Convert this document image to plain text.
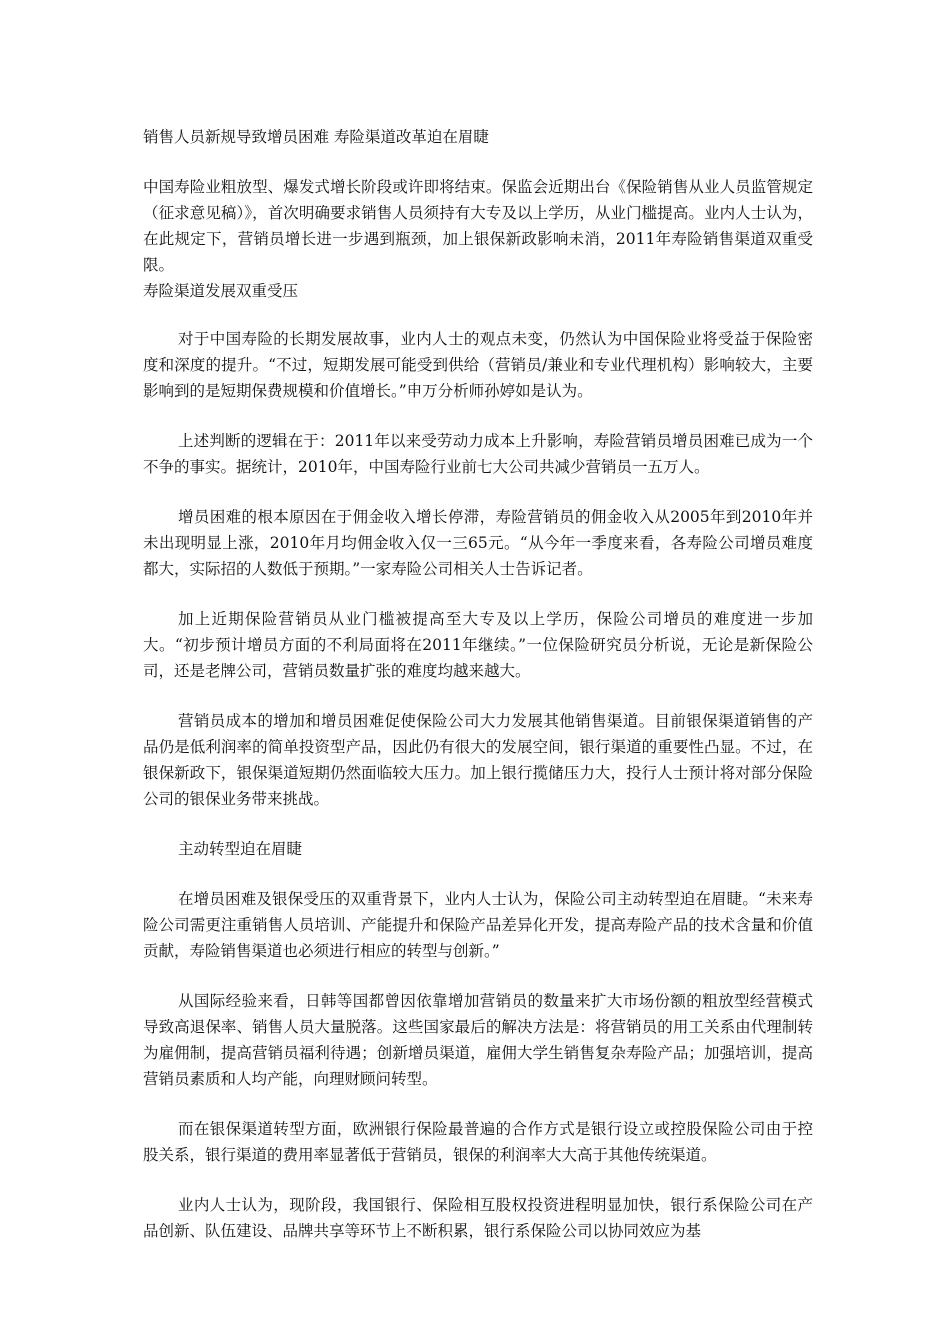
销售人员新规导致增员困难 寿险渠道改革迫在眉睫

中国寿险业粗放型、爆发式增长阶段或许即将结束。保监会近期出台《保险销售从业人员监管规定（征求意见稿）》，首次明确要求销售人员须持有大专及以上学历，从业门槛提高。业内人士认为，在此规定下，营销员增长进一步遇到瓶颈，加上银保新政影响未消，2011年寿险销售渠道双重受限。

寿险渠道发展双重受压

对于中国寿险的长期发展故事，业内人士的观点未变，仍然认为中国保险业将受益于保险密度和深度的提升。“不过，短期发展可能受到供给（营销员/兼业和专业代理机构）影响较大，主要影响到的是短期保费规模和价值增长。”申万分析师孙婷如是认为。

上述判断的逻辑在于：2011年以来受劳动力成本上升影响，寿险营销员增员困难已成为一个不争的事实。据统计，2010年，中国寿险行业前七大公司共减少营销员一五万人。

增员困难的根本原因在于佣金收入增长停滞，寿险营销员的佣金收入从2005年到2010年并未出现明显上涨，2010年月均佣金收入仅一三65元。“从今年一季度来看，各寿险公司增员难度都大，实际招的人数低于预期。”一家寿险公司相关人士告诉记者。

加上近期保险营销员从业门槛被提高至大专及以上学历，保险公司增员的难度进一步加大。“初步预计增员方面的不利局面将在2011年继续。”一位保险研究员分析说，无论是新保险公司，还是老牌公司，营销员数量扩张的难度均越来越大。

营销员成本的增加和增员困难促使保险公司大力发展其他销售渠道。目前银保渠道销售的产品仍是低利润率的简单投资型产品，因此仍有很大的发展空间，银行渠道的重要性凸显。不过，在银保新政下，银保渠道短期仍然面临较大压力。加上银行揽储压力大，投行人士预计将对部分保险公司的银保业务带来挑战。

主动转型迫在眉睫

在增员困难及银保受压的双重背景下，业内人士认为，保险公司主动转型迫在眉睫。“未来寿险公司需更注重销售人员培训、产能提升和保险产品差异化开发，提高寿险产品的技术含量和价值贡献，寿险销售渠道也必须进行相应的转型与创新。”

从国际经验来看，日韩等国都曾因依靠增加营销员的数量来扩大市场份额的粗放型经营模式导致高退保率、销售人员大量脱落。这些国家最后的解决方法是：将营销员的用工关系由代理制转为雇佣制，提高营销员福利待遇；创新增员渠道，雇佣大学生销售复杂寿险产品；加强培训，提高营销员素质和人均产能，向理财顾问转型。

而在银保渠道转型方面，欧洲银行保险最普遍的合作方式是银行设立或控股保险公司由于控股关系，银行渠道的费用率显著低于营销员，银保的利润率大大高于其他传统渠道。

业内人士认为，现阶段，我国银行、保险相互股权投资进程明显加快，银行系保险公司在产品创新、队伍建设、品牌共享等环节上不断积累，银行系保险公司以协同效应为基
